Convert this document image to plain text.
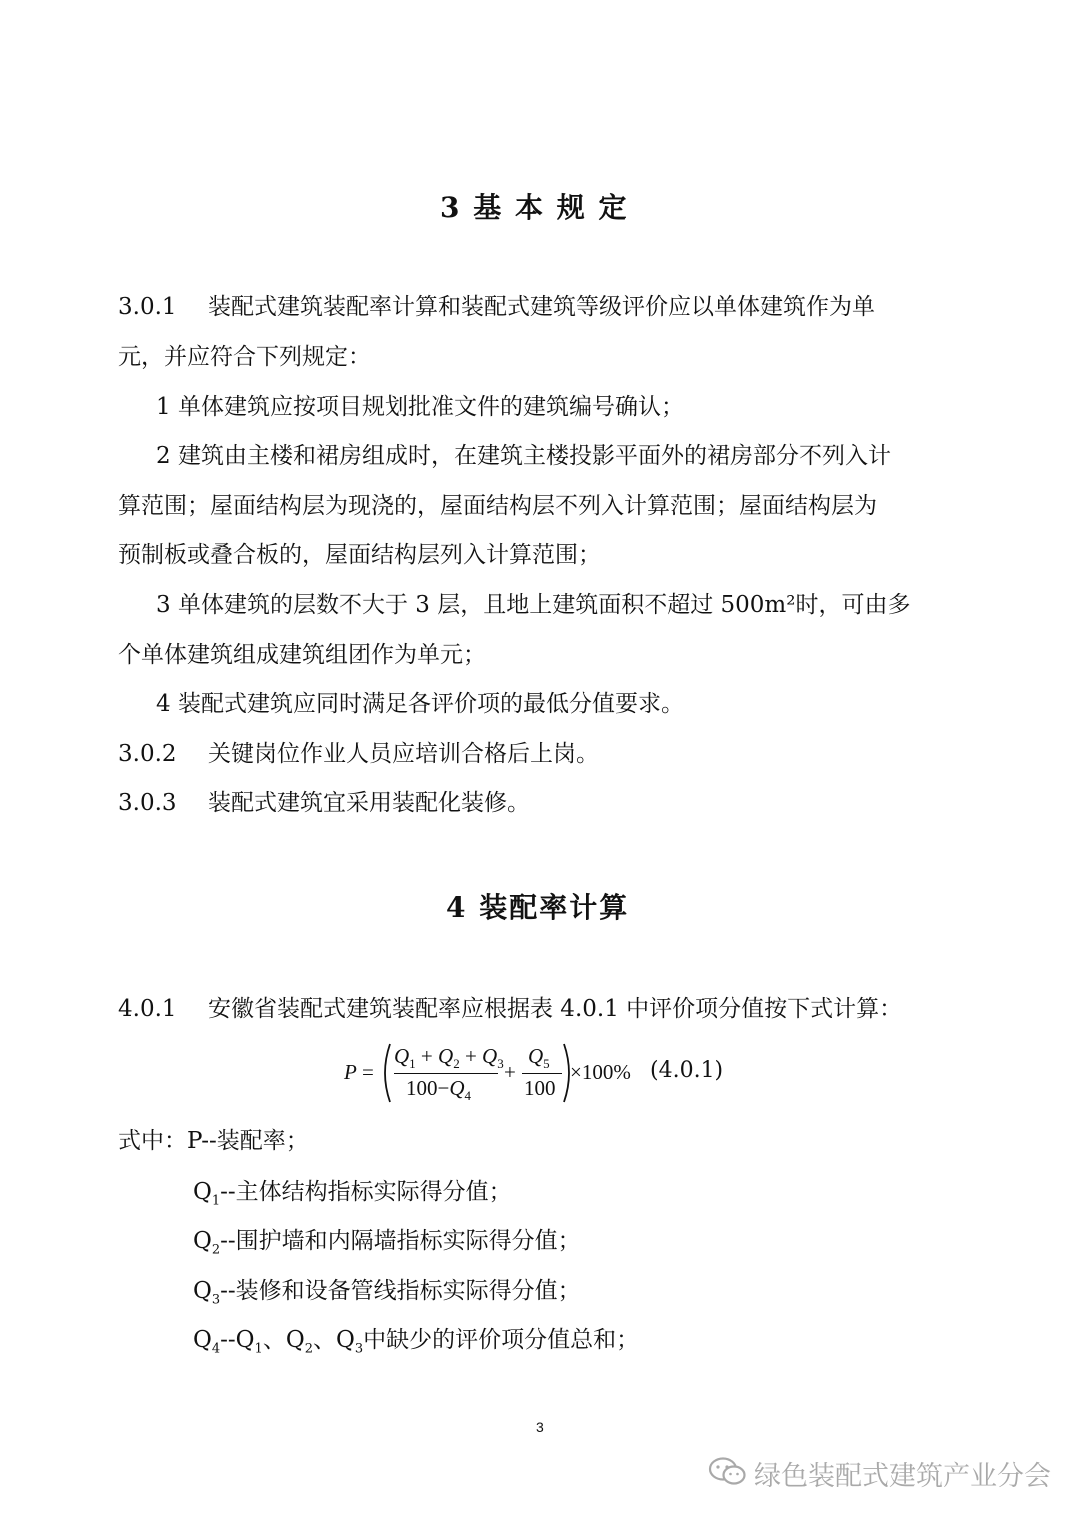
3 基 本 规 定
3.0.1 装配式建筑装配率计算和装配式建筑等级评价应以单体建筑作为单
元，并应符合下列规定：
1 单体建筑应按项目规划批准文件的建筑编号确认；
2 建筑由主楼和裙房组成时，在建筑主楼投影平面外的裙房部分不列入计
算范围；屋面结构层为现浇的，屋面结构层不列入计算范围；屋面结构层为
预制板或叠合板的，屋面结构层列入计算范围；
3 单体建筑的层数不大于 3 层，且地上建筑面积不超过 500m²时，可由多
个单体建筑组成建筑组团作为单元；
4 装配式建筑应同时满足各评价项的最低分值要求。
3.0.2 关键岗位作业人员应培训合格后上岗。
3.0.3 装配式建筑宜采用装配化装修。
4 装配率计算
4.0.1 安徽省装配式建筑装配率应根据表 4.0.1 中评价项分值按下式计算：
P =
$Q_1 + Q_2 + Q_3$
$100-Q_4$
+
$Q_5$
100
×100% (4.0.1)
式中：P--装配率；
$Q_1--$主体结构指标实际得分值；
$Q_2--$围护墙和内隔墙指标实际得分值；
$Q_3--$装修和设备管线指标实际得分值；
$Q_4--Q_1$、$Q_2$、$Q_3$中缺少的评价项分值总和；
3
绿色装配式建筑产业分会
